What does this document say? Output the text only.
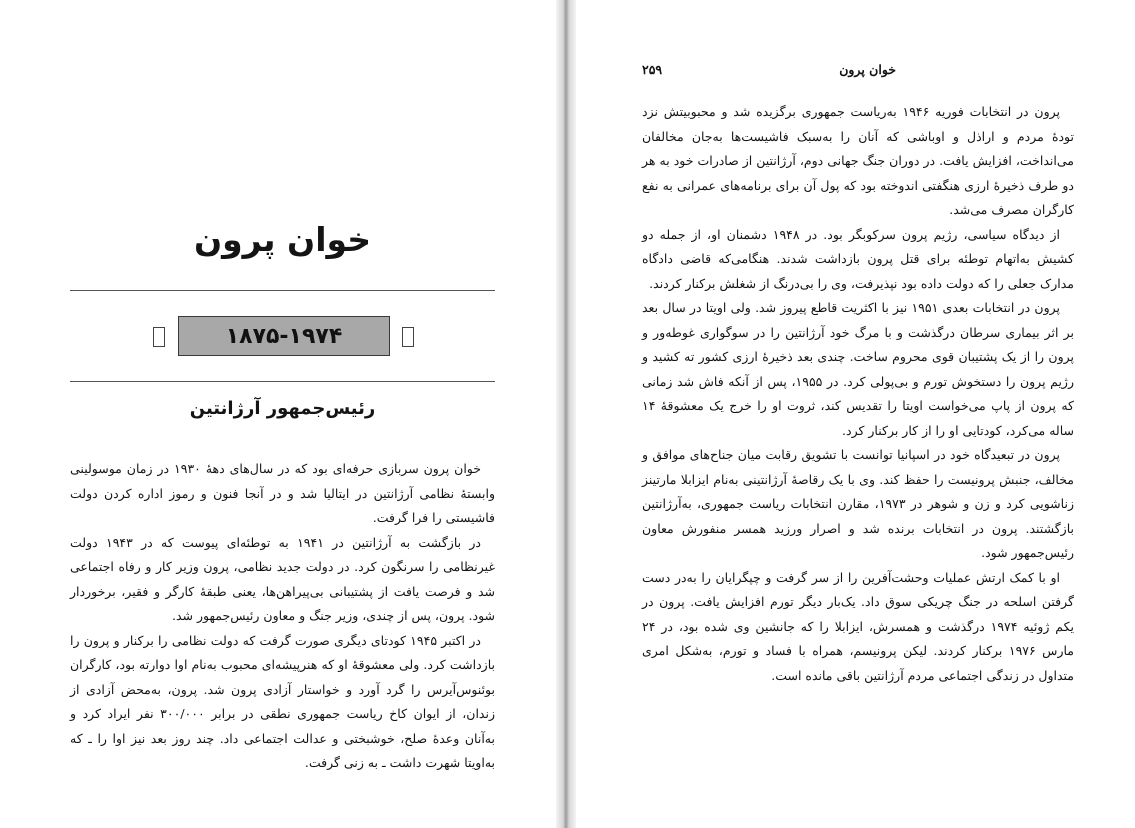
خوان پرون
۱۸۷۵-۱۹۷۴
رئیس‌جمهور آرژانتین

خوان پرون سربازی حرفه‌ای بود که در سال‌های دهۀ ۱۹۳۰ در زمان موسولینی وابستۀ نظامی آرژانتین در ایتالیا شد و در آنجا فنون و رموز اداره کردن دولت فاشیستی را فرا گرفت.

در بازگشت به آرژانتین در ۱۹۴۱ به توطئه‌ای پیوست که در ۱۹۴۳ دولت غیرنظامی را سرنگون کرد. در دولت جدید نظامی، پرون وزیر کار و رفاه اجتماعی شد و فرصت یافت از پشتیبانی بی‌پیراهن‌ها، یعنی طبقۀ کارگر و فقیر، برخوردار شود. پرون، پس از چندی، وزیر جنگ و معاون رئیس‌جمهور شد.

در اکتبر ۱۹۴۵ کودتای دیگری صورت گرفت که دولت نظامی را برکنار و پرون را بازداشت کرد. ولی معشوقۀ او که هنرپیشه‌ای محبوب به‌نام اوا دوارته بود، کارگران بوئنوس‌آیرس را گرد آورد و خواستار آزادی پرون شد. پرون، به‌محض آزادی از زندان، از ایوان کاخ ریاست جمهوری نطقی در برابر ۳۰۰/۰۰۰ نفر ایراد کرد و به‌آنان وعدۀ صلح، خوشبختی و عدالت اجتماعی داد. چند روز بعد نیز اوا را ـ که به‌اویتا شهرت داشت ـ به زنی گرفت.

خوان پرون
۲۵۹

پرون در انتخابات فوریه ۱۹۴۶ به‌ریاست جمهوری برگزیده شد و محبوبیتش نزد تودۀ مردم و اراذل و اوباشی که آنان را به‌سبک فاشیست‌ها به‌جان مخالفان می‌انداخت، افزایش یافت. در دوران جنگ جهانی دوم، آرژانتین از صادرات خود به هر دو طرف ذخیرۀ ارزی هنگفتی اندوخته بود که پول آن برای برنامه‌های عمرانی به نفع کارگران مصرف می‌شد.

از دیدگاه سیاسی، رژیم پرون سرکوبگر بود. در ۱۹۴۸ دشمنان او، از جمله دو کشیش به‌اتهام توطئه برای قتل پرون بازداشت شدند. هنگامی‌که قاضی دادگاه مدارک جعلی را که دولت داده بود نپذیرفت، وی را بی‌درنگ از شغلش برکنار کردند.

پرون در انتخابات بعدی ۱۹۵۱ نیز با اکثریت قاطع پیروز شد. ولی اویتا در سال بعد بر اثر بیماری سرطان درگذشت و با مرگ خود آرژانتین را در سوگواری غوطه‌ور و پرون را از یک پشتیبان قوی محروم ساخت. چندی بعد ذخیرۀ ارزی کشور ته کشید و رژیم پرون را دستخوش تورم و بی‌پولی کرد. در ۱۹۵۵، پس از آنکه فاش شد زمانی که پرون از پاپ می‌خواست اویتا را تقدیس کند، ثروت او را خرج یک معشوقۀ ۱۴ ساله می‌کرد، کودتایی او را از کار برکنار کرد.

پرون در تبعیدگاه خود در اسپانیا توانست با تشویق رقابت میان جناح‌های موافق و مخالف، جنبش پرونیست را حفظ کند. وی با یک رقاصۀ آرژانتینی به‌نام ایزابلا مارتینز زناشویی کرد و زن و شوهر در ۱۹۷۳، مقارن انتخابات ریاست جمهوری، به‌آرژانتین بازگشتند. پرون در انتخابات برنده شد و اصرار ورزید همسر منفورش معاون رئیس‌جمهور شود.

او با کمک ارتش عملیات وحشت‌آفرین را از سر گرفت و چپگرایان را به‌در دست گرفتن اسلحه در جنگ چریکی سوق داد. یک‌بار دیگر تورم افزایش یافت. پرون در یکم ژوئیه ۱۹۷۴ درگذشت و همسرش، ایزابلا را که جانشین وی شده بود، در ۲۴ مارس ۱۹۷۶ برکنار کردند. لیکن پرونیسم، همراه با فساد و تورم، به‌شکل امری متداول در زندگی اجتماعی مردم آرژانتین باقی مانده است.
